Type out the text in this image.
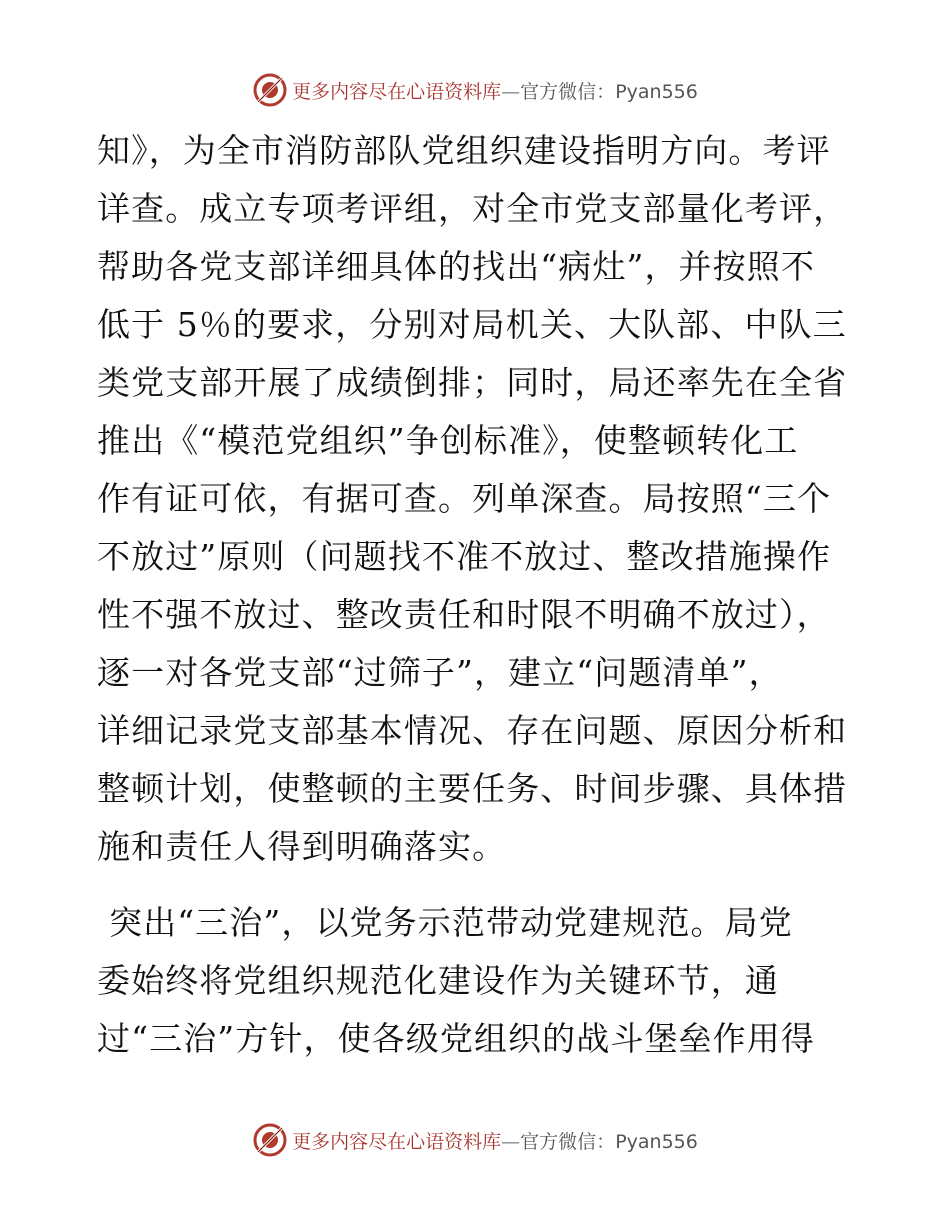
更多内容尽在心语资料库—官方微信：Pyan556
知》，为全市消防部队党组织建设指明方向。考评
详查。成立专项考评组，对全市党支部量化考评，
帮助各党支部详细具体的找出“病灶”，并按照不
低于 5％的要求，分别对局机关、大队部、中队三
类党支部开展了成绩倒排；同时，局还率先在全省
推出《“模范党组织”争创标准》，使整顿转化工
作有证可依，有据可查。列单深查。局按照“三个
不放过”原则（问题找不准不放过、整改措施操作
性不强不放过、整改责任和时限不明确不放过），
逐一对各党支部“过筛子”，建立“问题清单”，
详细记录党支部基本情况、存在问题、原因分析和
整顿计划，使整顿的主要任务、时间步骤、具体措
施和责任人得到明确落实。
突出“三治”，以党务示范带动党建规范。局党
委始终将党组织规范化建设作为关键环节，通
过“三治”方针，使各级党组织的战斗堡垒作用得
更多内容尽在心语资料库—官方微信：Pyan556
